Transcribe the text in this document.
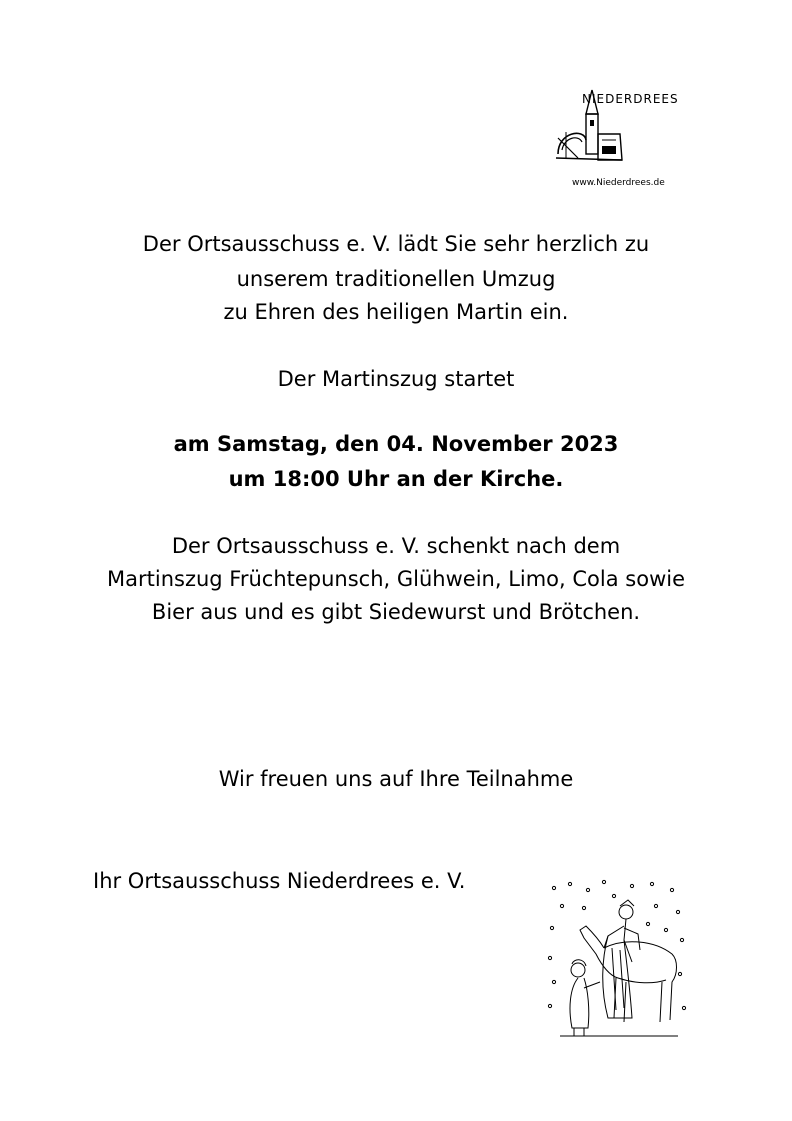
NIEDERDREES
www.Niederdrees.de
Der Ortsausschuss e. V. lädt Sie sehr herzlich zu
unserem traditionellen Umzug
zu Ehren des heiligen Martin ein.
Der Martinszug startet
am Samstag, den 04. November 2023
um 18:00 Uhr an der Kirche.
Der Ortsausschuss e. V. schenkt nach dem
Martinszug Früchtepunsch, Glühwein, Limo, Cola sowie
Bier aus und es gibt Siedewurst und Brötchen.
Wir freuen uns auf Ihre Teilnahme
Ihr Ortsausschuss Niederdrees e. V.
